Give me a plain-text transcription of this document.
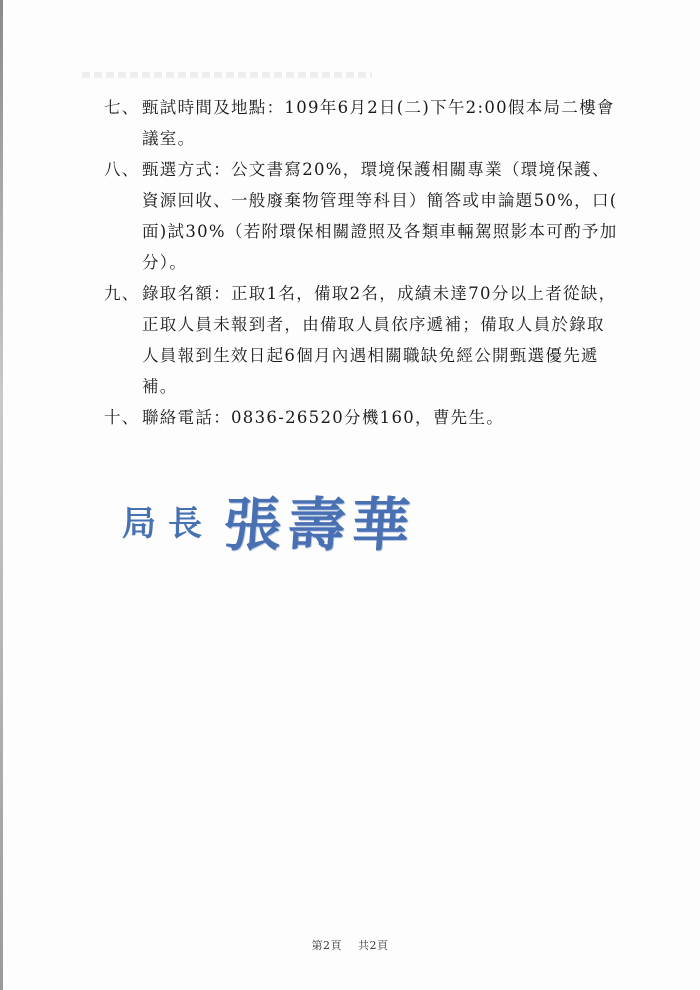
七、 甄試時間及地點：109年6月2日(二)下午2:00假本局二樓會
議室。
八、 甄選方式：公文書寫20%，環境保護相關專業（環境保護、
資源回收、一般廢棄物管理等科目）簡答或申論題50%，口(
面)試30%（若附環保相關證照及各類車輛駕照影本可酌予加
分）。
九、 錄取名額：正取1名，備取2名，成績未達70分以上者從缺，
正取人員未報到者，由備取人員依序遞補；備取人員於錄取
人員報到生效日起6個月內遇相關職缺免經公開甄選優先遞
補。
十、 聯絡電話：0836-26520分機160，曹先生。
局長 張壽華
第2頁 共2頁
